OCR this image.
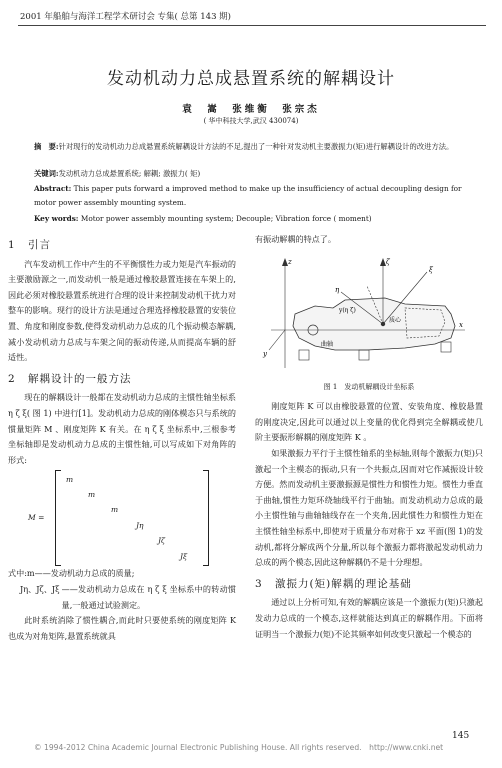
2001 年船舶与海洋工程学术研讨会 专集( 总第 143 期)
发动机动力总成悬置系统的解耦设计
袁　嵩　张维衡　张宗杰
( 华中科技大学,武汉 430074)
摘　要:针对现行的发动机动力总成悬置系统解耦设计方法的不足,提出了一种针对发动机主要激振力(矩)进行解耦设计的改进方法。
关键词:发动机动力总成悬置系统; 解耦; 激振力( 矩)
Abstract: This paper puts forward a improved method to make up the insufficiency of actual decoupling design for motor power assembly mounting system.
Key words: Motor power assembly mounting system; Decouple; Vibration force ( moment)
1 引言

汽车发动机工作中产生的不平衡惯性力或力矩是汽车振动的主要激励源之一,而发动机一般是通过橡胶悬置连接在车架上的,因此必须对橡胶悬置系统进行合理的设计来控制发动机干扰力对整车的影响。现行的设计方法是通过合理选择橡胶悬置的安装位置、角度和刚度参数,使得发动机动力总成的几个振动模态解耦,减小发动机动力总成与车架之间的振动传递,从而提高车辆的舒适性。

2 解耦设计的一般方法

现在的解耦设计一般都在发动机动力总成的主惯性轴坐标系 η ζ ξ( 图 1) 中进行[1]。发动机动力总成的刚体模态只与系统的惯量矩阵 M 、刚度矩阵 K 有关。在 η ζ ξ 坐标系中,三根参考坐标轴即是发动机动力总成的主惯性轴,可以写成如下对角阵的形式:

M =
m
m
m
Jη
Jζ
Jξ
式中: m ——发动机动力总成的质量;
Jη、Jζ、Jξ ——发动机动力总成在 η ζ ξ 坐标系中的转动惯量,一般通过试验测定。

此时系统消除了惯性耦合,而此时只要使系统的刚度矩阵 K 也成为对角矩阵,悬置系统就具

有振动解耦的特点了。

z
x
y
ζ
ξ
η
y(η ζ)
质心
曲轴
图 1　发动机解耦设计坐标系

刚度矩阵 K 可以由橡胶悬置的位置、安装角度、橡胶悬置的刚度决定,因此可以通过以上变量的优化得到完全解耦或使几阶主要振形解耦的刚度矩阵 K 。

如果激振力平行于主惯性轴系的坐标轴,则每个激振力(矩)只激起一个主模态的振动,只有一个共振点,因而对它作减振设计较方便。然而发动机主要激振源是惯性力和惯性力矩。惯性力垂直于曲轴,惯性力矩环绕轴线平行于曲轴。而发动机动力总成的最小主惯性轴与曲轴轴线存在一个夹角,因此惯性力和惯性力矩在主惯性轴坐标系中,即使对于质量分布对称于 xz 平面(图 1)的发动机,都将分解成两个分量,所以每个激振力都将激起发动机动力总成的两个模态,因此这种解耦仍不是十分理想。

3 激振力(矩)解耦的理论基础

通过以上分析可知,有效的解耦应该是一个激振力(矩)只激起发动力总成的一个模态,这样就能达到真正的解耦作用。下面将证明当一个激振力(矩)不论其频率如何改变只激起一个模态的

145
© 1994-2012 China Academic Journal Electronic Publishing House. All rights reserved.　http://www.cnki.net
